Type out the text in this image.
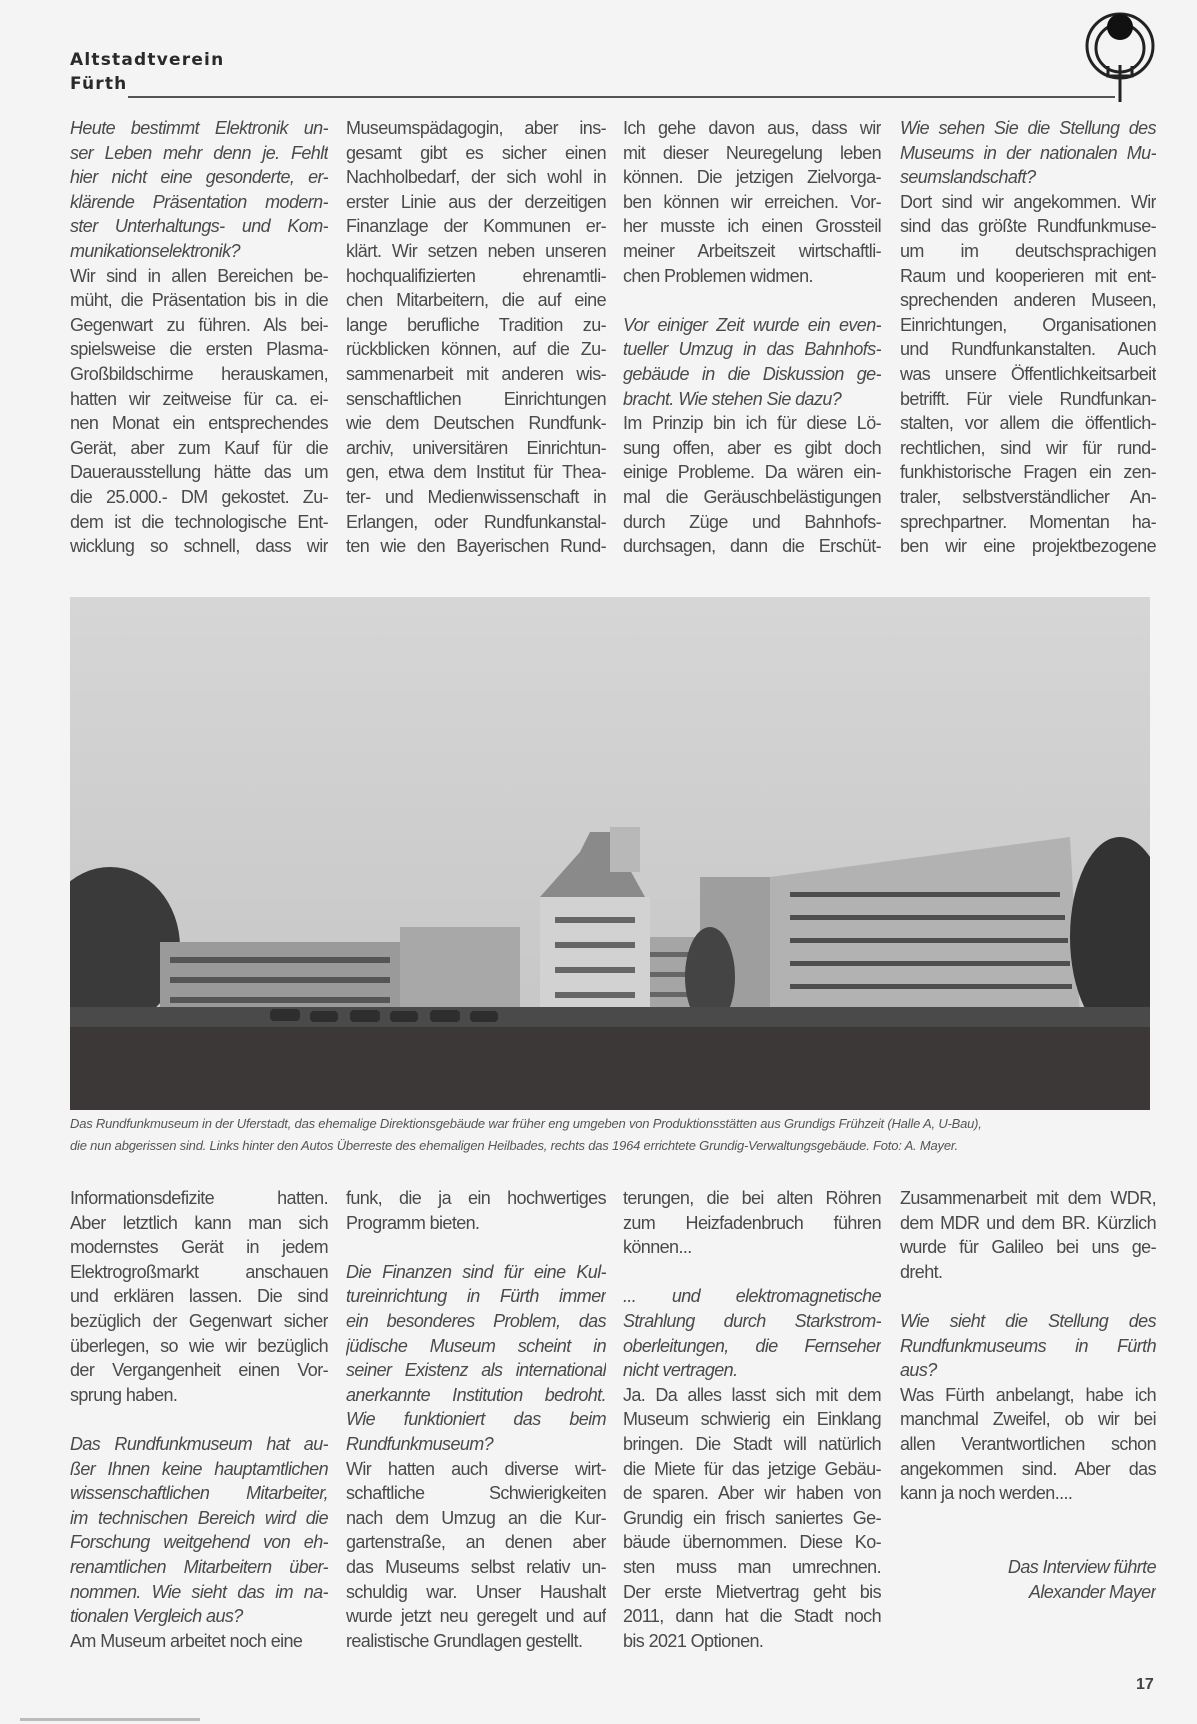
Altstadtverein
Fürth
Heute bestimmt Elektronik un-
ser Leben mehr denn je. Fehlt
hier nicht eine gesonderte, er-
klärende Präsentation modern-
ster Unterhaltungs- und Kom-
munikationselektronik?
Wir sind in allen Bereichen be-
müht, die Präsentation bis in die
Gegenwart zu führen. Als bei-
spielsweise die ersten Plasma-
Großbildschirme herauskamen,
hatten wir zeitweise für ca. ei-
nen Monat ein entsprechendes
Gerät, aber zum Kauf für die
Dauerausstellung hätte das um
die 25.000.- DM gekostet. Zu-
dem ist die technologische Ent-
wicklung so schnell, dass wir
Museumspädagogin, aber ins-
gesamt gibt es sicher einen
Nachholbedarf, der sich wohl in
erster Linie aus der derzeitigen
Finanzlage der Kommunen er-
klärt. Wir setzen neben unseren
hochqualifizierten ehrenamtli-
chen Mitarbeitern, die auf eine
lange berufliche Tradition zu-
rückblicken können, auf die Zu-
sammenarbeit mit anderen wis-
senschaftlichen Einrichtungen
wie dem Deutschen Rundfunk-
archiv, universitären Einrichtun-
gen, etwa dem Institut für Thea-
ter- und Medienwissenschaft in
Erlangen, oder Rundfunkanstal-
ten wie den Bayerischen Rund-
Ich gehe davon aus, dass wir
mit dieser Neuregelung leben
können. Die jetzigen Zielvorga-
ben können wir erreichen. Vor-
her musste ich einen Grossteil
meiner Arbeitszeit wirtschaftli-
chen Problemen widmen.
Vor einiger Zeit wurde ein even-
tueller Umzug in das Bahnhofs-
gebäude in die Diskussion ge-
bracht. Wie stehen Sie dazu?
Im Prinzip bin ich für diese Lö-
sung offen, aber es gibt doch
einige Probleme. Da wären ein-
mal die Geräuschbelästigungen
durch Züge und Bahnhofs-
durchsagen, dann die Erschüt-
Wie sehen Sie die Stellung des
Museums in der nationalen Mu-
seumslandschaft?
Dort sind wir angekommen. Wir
sind das größte Rundfunkmuse-
um im deutschsprachigen
Raum und kooperieren mit ent-
sprechenden anderen Museen,
Einrichtungen, Organisationen
und Rundfunkanstalten. Auch
was unsere Öffentlichkeitsarbeit
betrifft. Für viele Rundfunkan-
stalten, vor allem die öffentlich-
rechtlichen, sind wir für rund-
funkhistorische Fragen ein zen-
traler, selbstverständlicher An-
sprechpartner. Momentan ha-
ben wir eine projektbezogene
Das Rundfunkmuseum in der Uferstadt, das ehemalige Direktionsgebäude war früher eng umgeben von Produktionsstätten aus Grundigs Frühzeit (Halle A, U-Bau),
die nun abgerissen sind. Links hinter den Autos Überreste des ehemaligen Heilbades, rechts das 1964 errichtete Grundig-Verwaltungsgebäude. Foto: A. Mayer.
Informationsdefizite hatten.
Aber letztlich kann man sich
modernstes Gerät in jedem
Elektrogroßmarkt anschauen
und erklären lassen. Die sind
bezüglich der Gegenwart sicher
überlegen, so wie wir bezüglich
der Vergangenheit einen Vor-
sprung haben.
Das Rundfunkmuseum hat au-
ßer Ihnen keine hauptamtlichen
wissenschaftlichen Mitarbeiter,
im technischen Bereich wird die
Forschung weitgehend von eh-
renamtlichen Mitarbeitern über-
nommen. Wie sieht das im na-
tionalen Vergleich aus?
Am Museum arbeitet noch eine
funk, die ja ein hochwertiges
Programm bieten.
Die Finanzen sind für eine Kul-
tureinrichtung in Fürth immer
ein besonderes Problem, das
jüdische Museum scheint in
seiner Existenz als international
anerkannte Institution bedroht.
Wie funktioniert das beim
Rundfunkmuseum?
Wir hatten auch diverse wirt-
schaftliche Schwierigkeiten
nach dem Umzug an die Kur-
gartenstraße, an denen aber
das Museums selbst relativ un-
schuldig war. Unser Haushalt
wurde jetzt neu geregelt und auf
realistische Grundlagen gestellt.
terungen, die bei alten Röhren
zum Heizfadenbruch führen
können...
... und elektromagnetische
Strahlung durch Starkstrom-
oberleitungen, die Fernseher
nicht vertragen.
Ja. Da alles lasst sich mit dem
Museum schwierig ein Einklang
bringen. Die Stadt will natürlich
die Miete für das jetzige Gebäu-
de sparen. Aber wir haben von
Grundig ein frisch saniertes Ge-
bäude übernommen. Diese Ko-
sten muss man umrechnen.
Der erste Mietvertrag geht bis
2011, dann hat die Stadt noch
bis 2021 Optionen.
Zusammenarbeit mit dem WDR,
dem MDR und dem BR. Kürzlich
wurde für Galileo bei uns ge-
dreht.
Wie sieht die Stellung des
Rundfunkmuseums in Fürth
aus?
Was Fürth anbelangt, habe ich
manchmal Zweifel, ob wir bei
allen Verantwortlichen schon
angekommen sind. Aber das
kann ja noch werden....
Das Interview führte
Alexander Mayer
17
